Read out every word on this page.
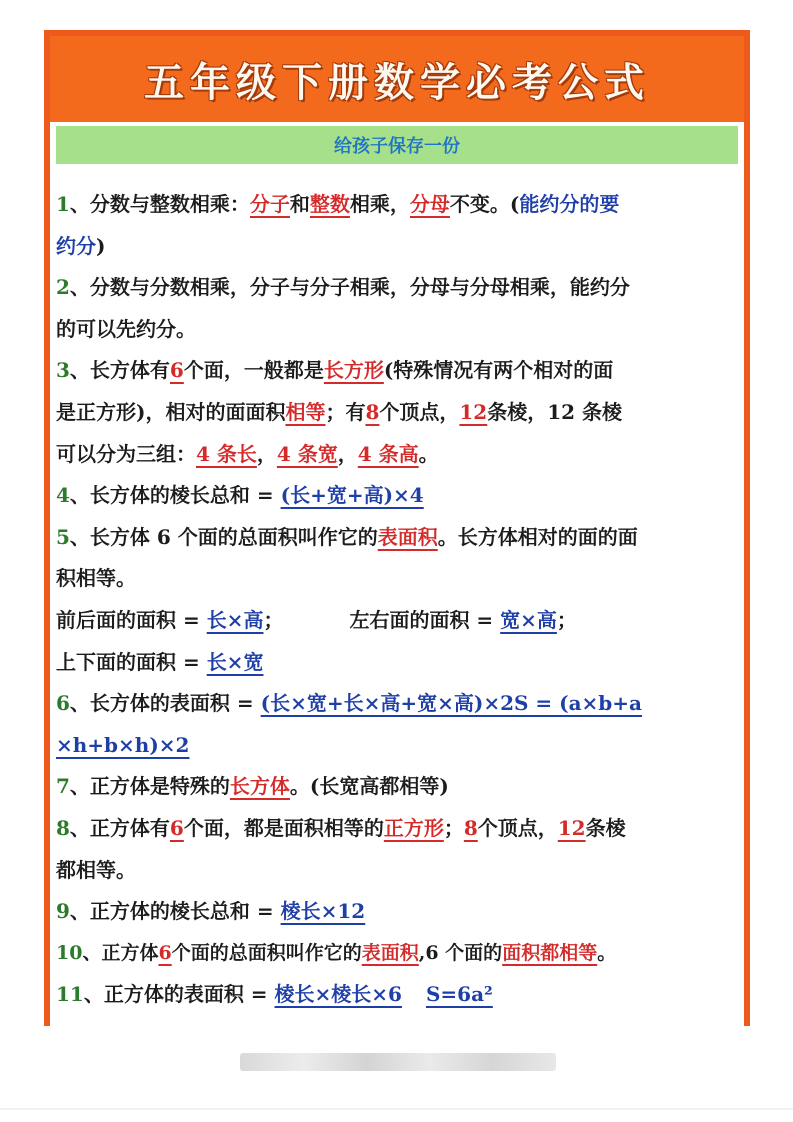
五年级下册数学必考公式
给孩子保存一份
1、分数与整数相乘：分子和整数相乘，分母不变。(能约分的要
约分)
2、分数与分数相乘，分子与分子相乘，分母与分母相乘，能约分
的可以先约分。
3、长方体有6个面，一般都是长方形(特殊情况有两个相对的面
是正方形)，相对的面面积相等；有8个顶点，12条棱，12 条棱
可以分为三组：4 条长，4 条宽，4 条高。
4、长方体的棱长总和 = (长+宽+高)×4
5、长方体 6 个面的总面积叫作它的表面积。长方体相对的面的面
积相等。
前后面的面积 = 长×高；	左右面的面积 = 宽×高；
上下面的面积 = 长×宽
6、长方体的表面积 = (长×宽+长×高+宽×高)×2S = (a×b+a
×h+b×h)×2
7、正方体是特殊的长方体。(长宽高都相等)
8、正方体有6个面，都是面积相等的正方形；8个顶点，12条棱
都相等。
9、正方体的棱长总和 = 棱长×12
10、正方体6个面的总面积叫作它的表面积,6 个面的面积都相等。
11、正方体的表面积 = 棱长×棱长×6 S=6a²
